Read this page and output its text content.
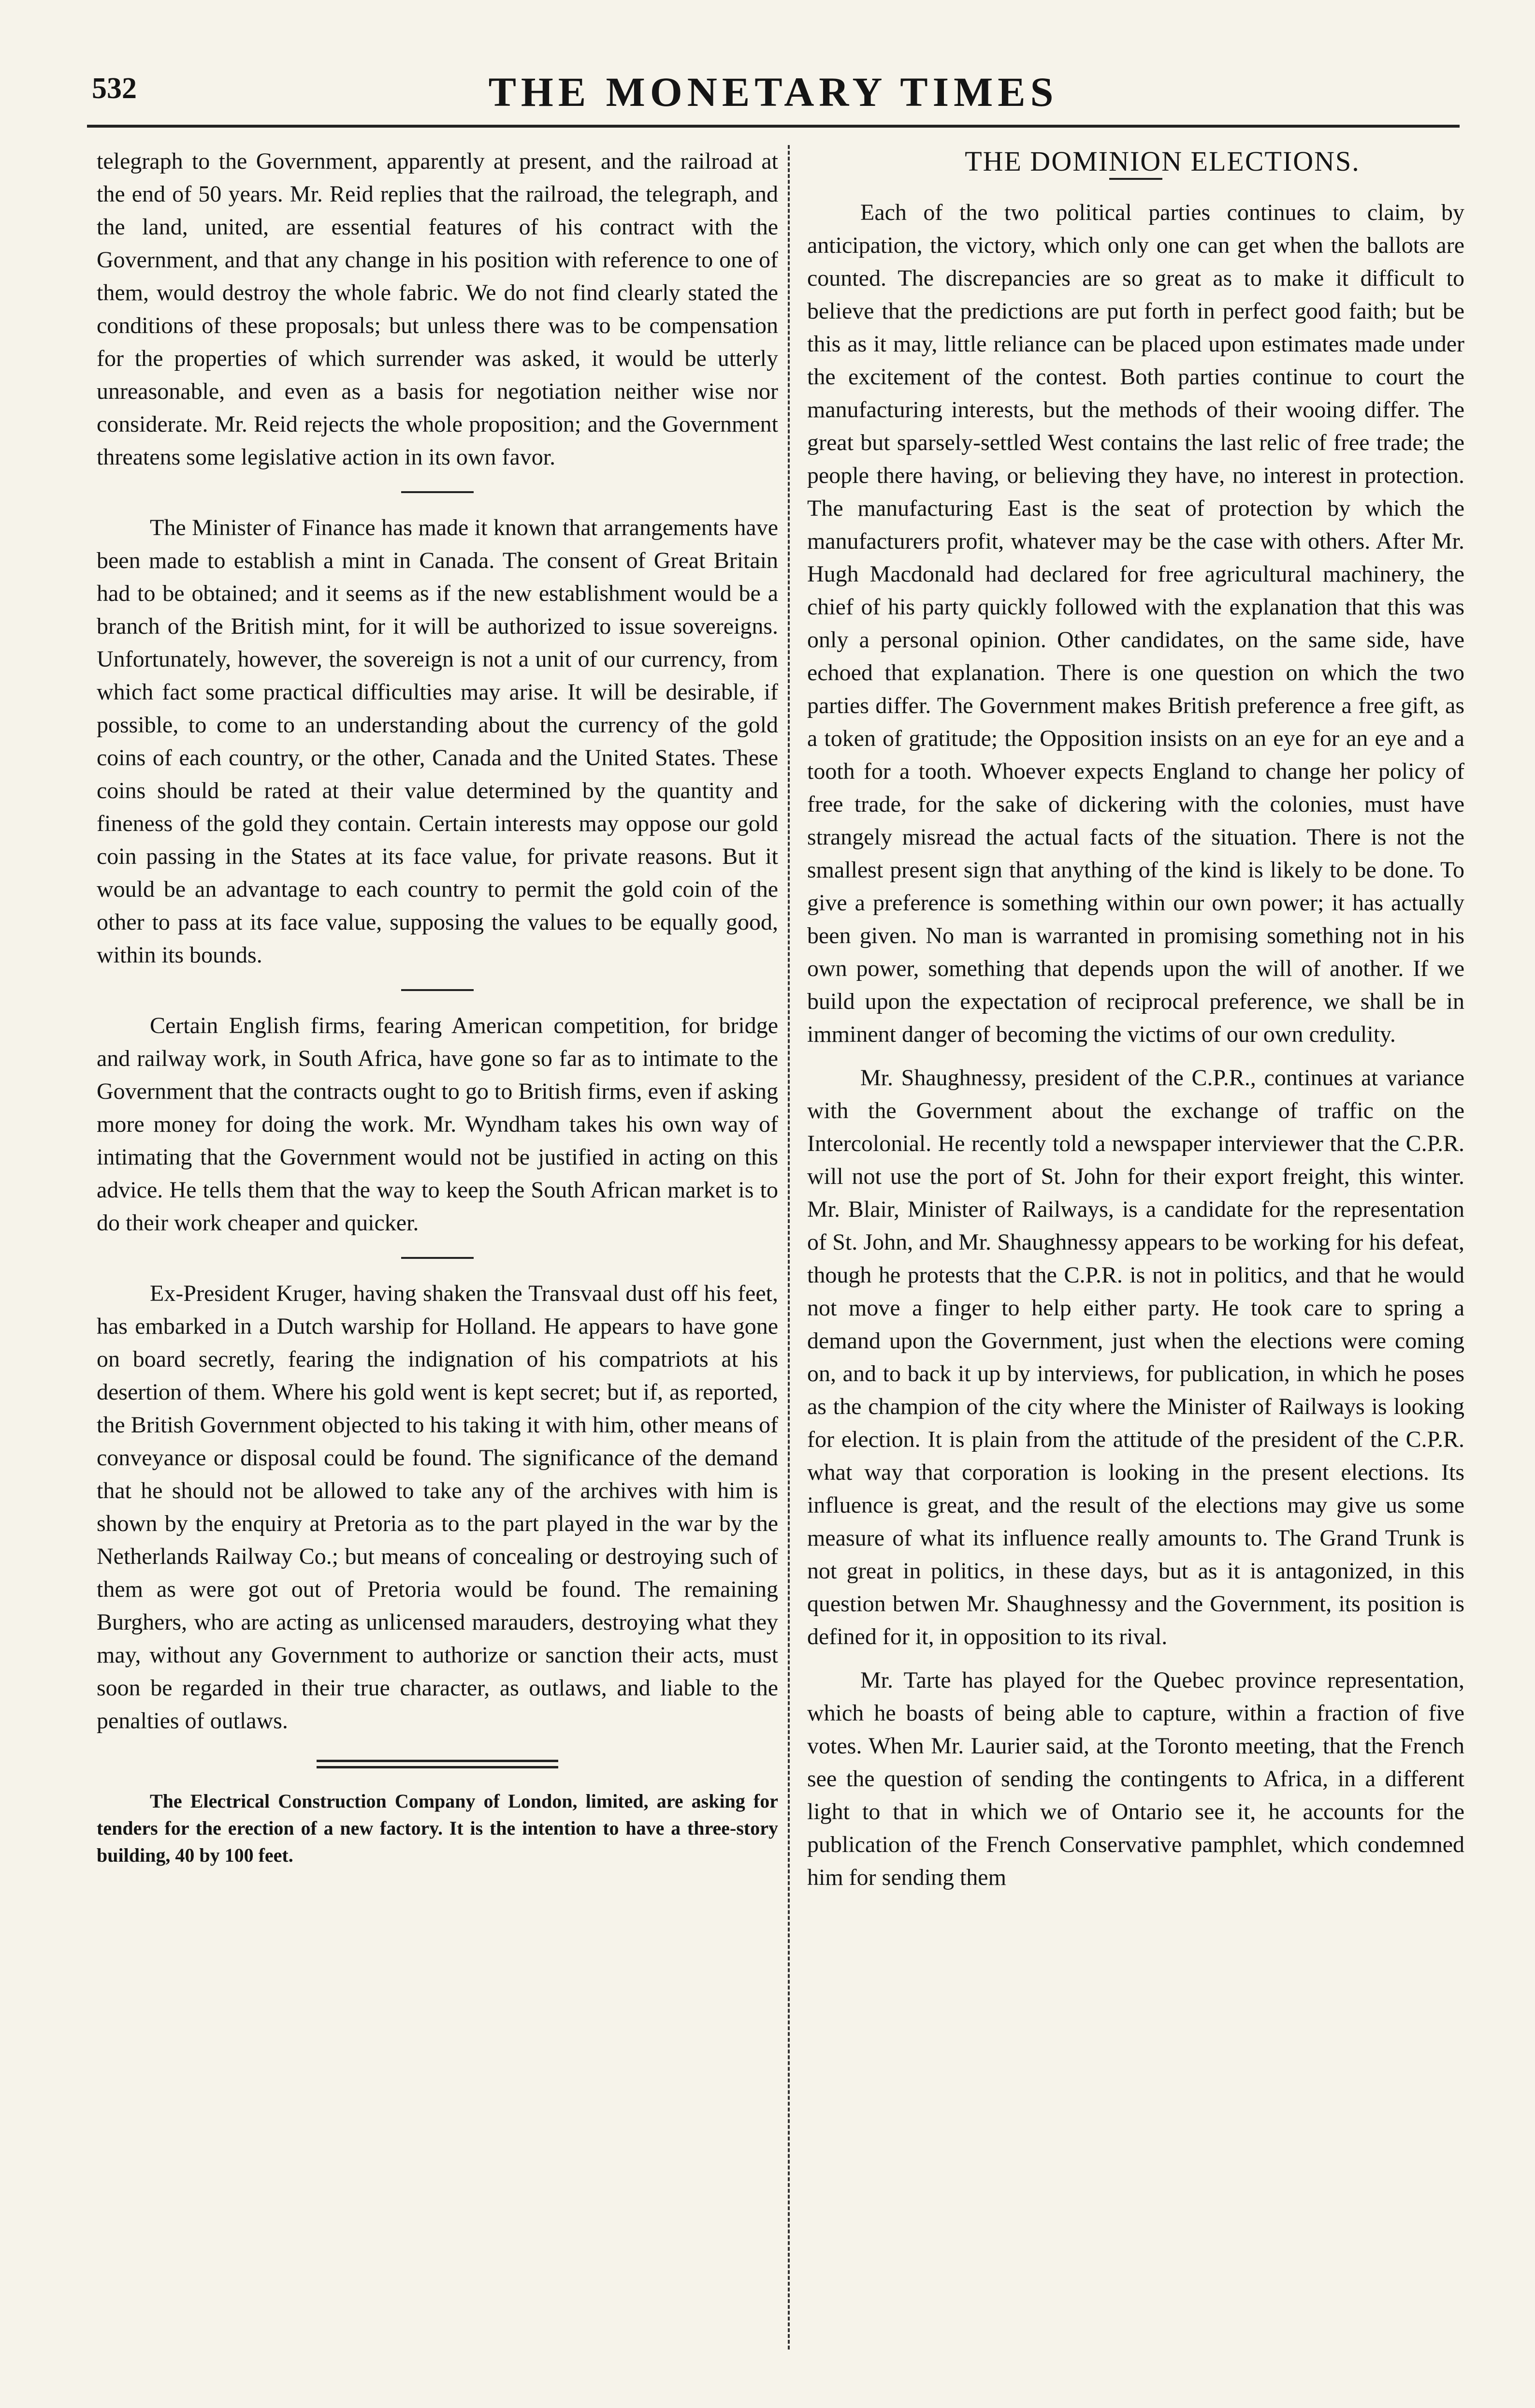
532	THE MONETARY TIMES

telegraph to the Government, apparently at present, and the railroad at the end of 50 years. Mr. Reid replies that the railroad, the telegraph, and the land, united, are essential features of his contract with the Government, and that any change in his position with reference to one of them, would destroy the whole fabric. We do not find clearly stated the conditions of these proposals; but unless there was to be compensation for the properties of which surrender was asked, it would be utterly unreasonable, and even as a basis for negotiation neither wise nor considerate. Mr. Reid rejects the whole proposition; and the Government threatens some legislative action in its own favor.

The Minister of Finance has made it known that arrangements have been made to establish a mint in Canada. The consent of Great Britain had to be obtained; and it seems as if the new establishment would be a branch of the British mint, for it will be authorized to issue sovereigns. Unfortunately, however, the sovereign is not a unit of our currency, from which fact some practical difficulties may arise. It will be desirable, if possible, to come to an understanding about the currency of the gold coins of each country, or the other, Canada and the United States. These coins should be rated at their value determined by the quantity and fineness of the gold they contain. Certain interests may oppose our gold coin passing in the States at its face value, for private reasons. But it would be an advantage to each country to permit the gold coin of the other to pass at its face value, supposing the values to be equally good, within its bounds.

Certain English firms, fearing American competition, for bridge and railway work, in South Africa, have gone so far as to intimate to the Government that the contracts ought to go to British firms, even if asking more money for doing the work. Mr. Wyndham takes his own way of intimating that the Government would not be justified in acting on this advice. He tells them that the way to keep the South African market is to do their work cheaper and quicker.

Ex-President Kruger, having shaken the Transvaal dust off his feet, has embarked in a Dutch warship for Holland. He appears to have gone on board secretly, fearing the indignation of his compatriots at his desertion of them. Where his gold went is kept secret; but if, as reported, the British Government objected to his taking it with him, other means of conveyance or disposal could be found. The significance of the demand that he should not be allowed to take any of the archives with him is shown by the enquiry at Pretoria as to the part played in the war by the Netherlands Railway Co.; but means of concealing or destroying such of them as were got out of Pretoria would be found. The remaining Burghers, who are acting as unlicensed marauders, destroying what they may, without any Government to authorize or sanction their acts, must soon be regarded in their true character, as outlaws, and liable to the penalties of outlaws.

The Electrical Construction Company of London, limited, are asking for tenders for the erection of a new factory. It is the intention to have a three-story building, 40 by 100 feet.

THE DOMINION ELECTIONS.

Each of the two political parties continues to claim, by anticipation, the victory, which only one can get when the ballots are counted. The discrepancies are so great as to make it difficult to believe that the predictions are put forth in perfect good faith; but be this as it may, little reliance can be placed upon estimates made under the excitement of the contest. Both parties continue to court the manufacturing interests, but the methods of their wooing differ. The great but sparsely-settled West contains the last relic of free trade; the people there having, or believing they have, no interest in protection. The manufacturing East is the seat of protection by which the manufacturers profit, whatever may be the case with others. After Mr. Hugh Macdonald had declared for free agricultural machinery, the chief of his party quickly followed with the explanation that this was only a personal opinion. Other candidates, on the same side, have echoed that explanation. There is one question on which the two parties differ. The Government makes British preference a free gift, as a token of gratitude; the Opposition insists on an eye for an eye and a tooth for a tooth. Whoever expects England to change her policy of free trade, for the sake of dickering with the colonies, must have strangely misread the actual facts of the situation. There is not the smallest present sign that anything of the kind is likely to be done. To give a preference is something within our own power; it has actually been given. No man is warranted in promising something not in his own power, something that depends upon the will of another. If we build upon the expectation of reciprocal preference, we shall be in imminent danger of becoming the victims of our own credulity.

Mr. Shaughnessy, president of the C.P.R., continues at variance with the Government about the exchange of traffic on the Intercolonial. He recently told a newspaper interviewer that the C.P.R. will not use the port of St. John for their export freight, this winter. Mr. Blair, Minister of Railways, is a candidate for the representation of St. John, and Mr. Shaughnessy appears to be working for his defeat, though he protests that the C.P.R. is not in politics, and that he would not move a finger to help either party. He took care to spring a demand upon the Government, just when the elections were coming on, and to back it up by interviews, for publication, in which he poses as the champion of the city where the Minister of Railways is looking for election. It is plain from the attitude of the president of the C.P.R. what way that corporation is looking in the present elections. Its influence is great, and the result of the elections may give us some measure of what its influence really amounts to. The Grand Trunk is not great in politics, in these days, but as it is antagonized, in this question betwen Mr. Shaughnessy and the Government, its position is defined for it, in opposition to its rival.

Mr. Tarte has played for the Quebec province representation, which he boasts of being able to capture, within a fraction of five votes. When Mr. Laurier said, at the Toronto meeting, that the French see the question of sending the contingents to Africa, in a different light to that in which we of Ontario see it, he accounts for the publication of the French Conservative pamphlet, which condemned him for sending them
